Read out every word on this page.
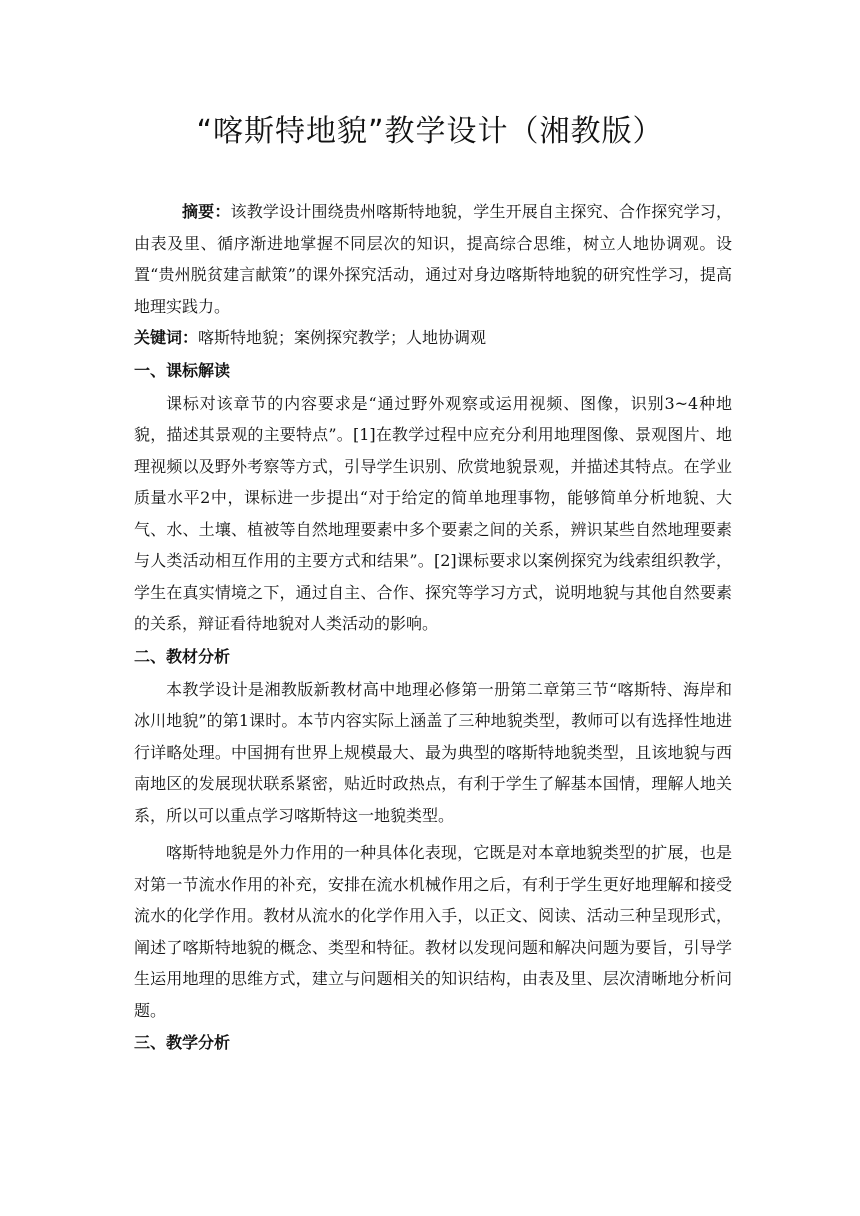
“喀斯特地貌”教学设计（湘教版）

摘要：该教学设计围绕贵州喀斯特地貌，学生开展自主探究、合作探究学习，由表及里、循序渐进地掌握不同层次的知识，提高综合思维，树立人地协调观。设置“贵州脱贫建言献策”的课外探究活动，通过对身边喀斯特地貌的研究性学习，提高地理实践力。

关键词：喀斯特地貌；案例探究教学；人地协调观

一、课标解读

课标对该章节的内容要求是“通过野外观察或运用视频、图像，识别3~4种地貌，描述其景观的主要特点”。[1]在教学过程中应充分利用地理图像、景观图片、地理视频以及野外考察等方式，引导学生识别、欣赏地貌景观，并描述其特点。在学业质量水平2中，课标进一步提出“对于给定的简单地理事物，能够简单分析地貌、大气、水、土壤、植被等自然地理要素中多个要素之间的关系，辨识某些自然地理要素与人类活动相互作用的主要方式和结果”。[2]课标要求以案例探究为线索组织教学，学生在真实情境之下，通过自主、合作、探究等学习方式，说明地貌与其他自然要素的关系，辩证看待地貌对人类活动的影响。

二、教材分析

本教学设计是湘教版新教材高中地理必修第一册第二章第三节“喀斯特、海岸和冰川地貌”的第1课时。本节内容实际上涵盖了三种地貌类型，教师可以有选择性地进行详略处理。中国拥有世界上规模最大、最为典型的喀斯特地貌类型，且该地貌与西南地区的发展现状联系紧密，贴近时政热点，有利于学生了解基本国情，理解人地关系，所以可以重点学习喀斯特这一地貌类型。

喀斯特地貌是外力作用的一种具体化表现，它既是对本章地貌类型的扩展，也是对第一节流水作用的补充，安排在流水机械作用之后，有利于学生更好地理解和接受流水的化学作用。教材从流水的化学作用入手，以正文、阅读、活动三种呈现形式，阐述了喀斯特地貌的概念、类型和特征。教材以发现问题和解决问题为要旨，引导学生运用地理的思维方式，建立与问题相关的知识结构，由表及里、层次清晰地分析问题。

三、教学分析
